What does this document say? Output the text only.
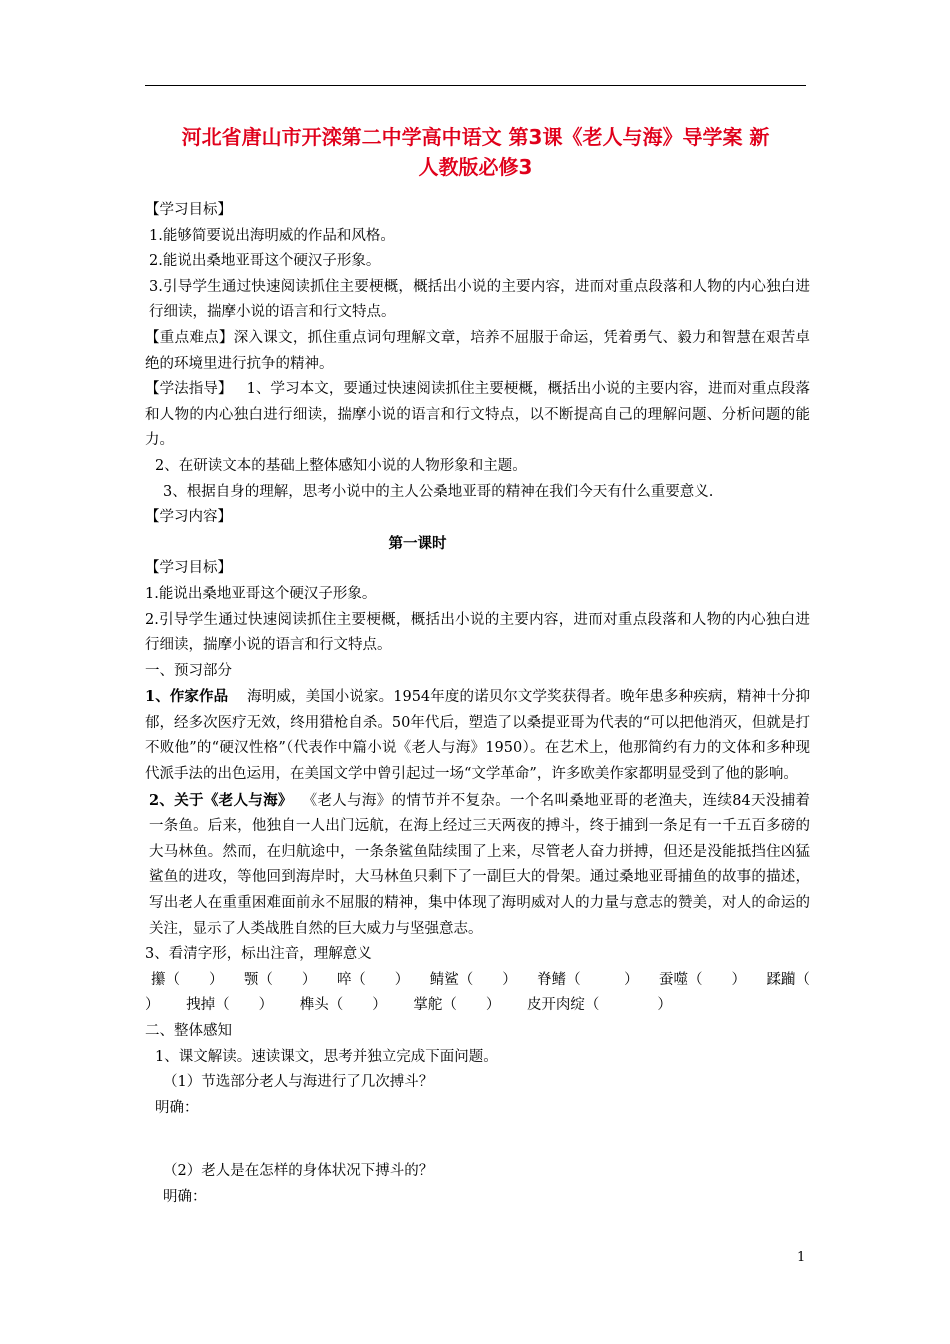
河北省唐山市开滦第二中学高中语文 第3课《老人与海》导学案 新
人教版必修3

【学习目标】

1.能够简要说出海明威的作品和风格。

2.能说出桑地亚哥这个硬汉子形象。

3.引导学生通过快速阅读抓住主要梗概，概括出小说的主要内容，进而对重点段落和人物的内心独白进行细读，揣摩小说的语言和行文特点。

【重点难点】深入课文，抓住重点词句理解文章，培养不屈服于命运，凭着勇气、毅力和智慧在艰苦卓绝的环境里进行抗争的精神。

【学法指导】 1、学习本文，要通过快速阅读抓住主要梗概，概括出小说的主要内容，进而对重点段落和人物的内心独白进行细读，揣摩小说的语言和行文特点，以不断提高自己的理解问题、分析问题的能力。

2、在研读文本的基础上整体感知小说的人物形象和主题。

3、根据自身的理解，思考小说中的主人公桑地亚哥的精神在我们今天有什么重要意义.

【学习内容】

第一课时

【学习目标】

1.能说出桑地亚哥这个硬汉子形象。

2.引导学生通过快速阅读抓住主要梗概，概括出小说的主要内容，进而对重点段落和人物的内心独白进行细读，揣摩小说的语言和行文特点。

一、预习部分

1、作家作品 海明威，美国小说家。1954年度的诺贝尔文学奖获得者。晚年患多种疾病，精神十分抑郁，经多次医疗无效，终用猎枪自杀。50年代后，塑造了以桑提亚哥为代表的“可以把他消灭，但就是打不败他”的“硬汉性格”（代表作中篇小说《老人与海》1950）。在艺术上，他那简约有力的文体和多种现代派手法的出色运用，在美国文学中曾引起过一场“文学革命”，许多欧美作家都明显受到了他的影响。

2、关于《老人与海》 《老人与海》的情节并不复杂。一个名叫桑地亚哥的老渔夫，连续84天没捕着一条鱼。后来，他独自一人出门远航，在海上经过三天两夜的搏斗，终于捕到一条足有一千五百多磅的大马林鱼。然而，在归航途中，一条条鲨鱼陆续围了上来，尽管老人奋力拼搏，但还是没能抵挡住凶猛鲨鱼的进攻，等他回到海岸时，大马林鱼只剩下了一副巨大的骨架。通过桑地亚哥捕鱼的故事的描述，写出老人在重重困难面前永不屈服的精神，集中体现了海明威对人的力量与意志的赞美，对人的命运的关注，显示了人类战胜自然的巨大威力与坚强意志。

3、看清字形，标出注音，理解意义

攥（　　） 颚（　　） 啐（　　） 鲭鲨（　　） 脊鳍（　　　） 蚕噬（　　） 蹂躏（
） 拽掉（　　） 榫头（　　） 掌舵（　　） 皮开肉绽（　　　　）

二、整体感知

1、课文解读。速读课文，思考并独立完成下面问题。

（1）节选部分老人与海进行了几次搏斗？

明确：

（2）老人是在怎样的身体状况下搏斗的？

明确：

1
